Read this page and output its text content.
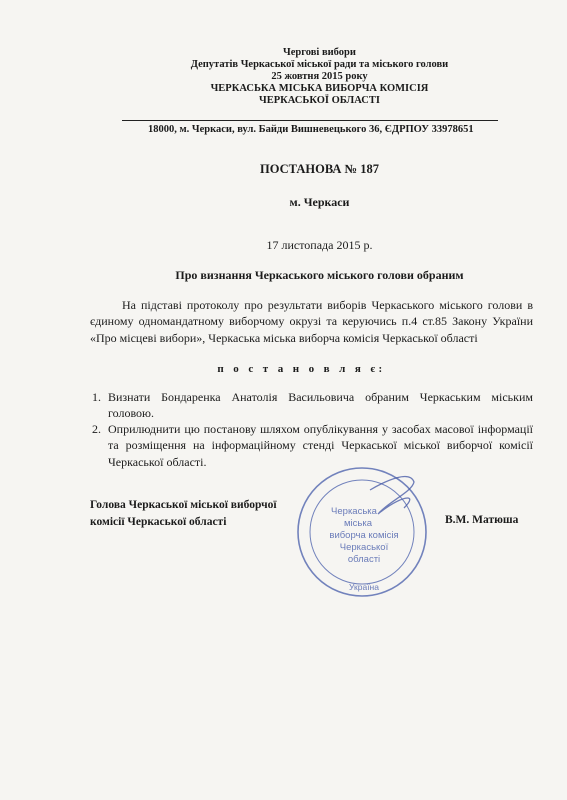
Чергові вибори
Депутатів Черкаської міської ради та міського голови
25 жовтня 2015 року
ЧЕРКАСЬКА МІСЬКА ВИБОРЧА КОМІСІЯ
ЧЕРКАСЬКОЇ ОБЛАСТІ
18000, м. Черкаси, вул. Байди Вишневецького 36, ЄДРПОУ 33978651
ПОСТАНОВА № 187
м. Черкаси
17 листопада 2015 р.
Про визнання Черкаського міського голови обраним
На підставі протоколу про результати виборів Черкаського міського голови в єдиному одномандатному виборчому окрузі та керуючись п.4 ст.85 Закону України «Про місцеві вибори», Черкаська міська виборча комісія Черкаської області
п о с т а н о в л я є:
1. Визнати Бондаренка Анатолія Васильовича обраним Черкаським міським головою.
2. Оприлюднити цю постанову шляхом опублікування у засобах масової інформації та розміщення на інформаційному стенді Черкаської міської виборчої комісії Черкаської області.
Голова Черкаської міської виборчої
комісії Черкаської області	В.М. Матюша
Черкаська
міська
виборча комісія
Черкаської
області
Україна
